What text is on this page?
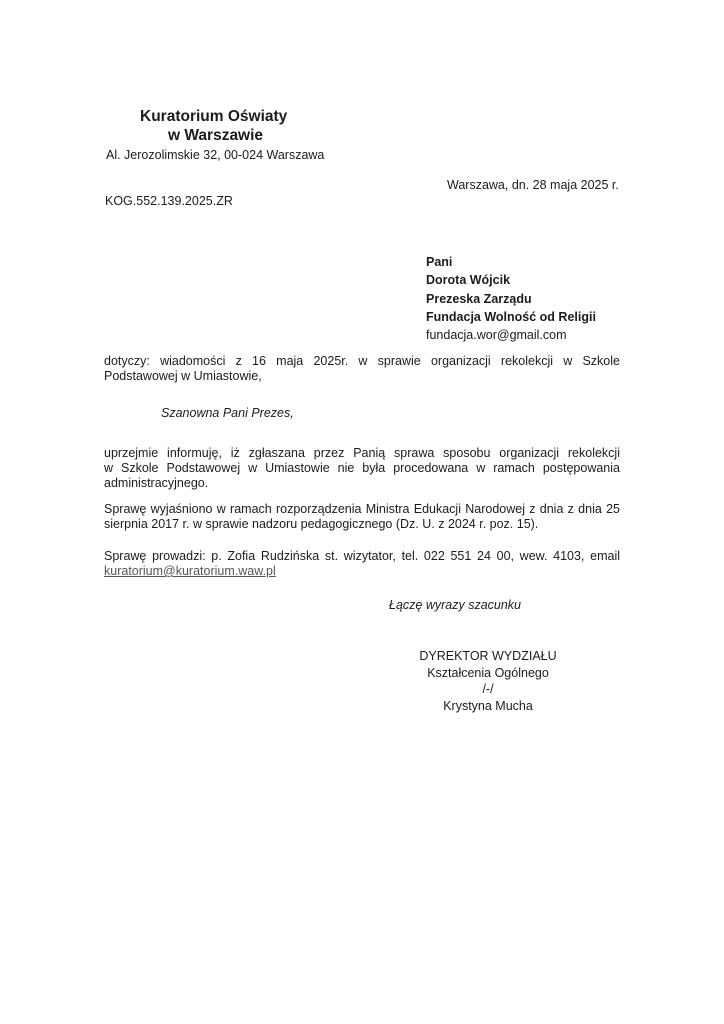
Kuratorium Oświaty
w Warszawie
Al. Jerozolimskie 32, 00-024 Warszawa
Warszawa, dn. 28 maja 2025 r.
KOG.552.139.2025.ZR
Pani
Dorota Wójcik
Prezeska Zarządu
Fundacja Wolność od Religii
fundacja.wor@gmail.com
dotyczy: wiadomości z 16 maja 2025r. w sprawie organizacji rekolekcji w Szkole
Podstawowej w Umiastowie,
Szanowna Pani Prezes,
uprzejmie informuję, iż zgłaszana przez Panią sprawa sposobu organizacji rekolekcji
w Szkole Podstawowej w Umiastowie nie była procedowana w ramach postępowania
administracyjnego.
Sprawę wyjaśniono w ramach rozporządzenia Ministra Edukacji Narodowej z dnia z dnia 25
sierpnia 2017 r. w sprawie nadzoru pedagogicznego (Dz. U. z 2024 r. poz. 15).
Sprawę prowadzi: p. Zofia Rudzińska st. wizytator, tel. 022 551 24 00, wew. 4103, email
kuratorium@kuratorium.waw.pl
Łączę wyrazy szacunku
DYREKTOR WYDZIAŁU
Kształcenia Ogólnego
/-/
Krystyna Mucha
